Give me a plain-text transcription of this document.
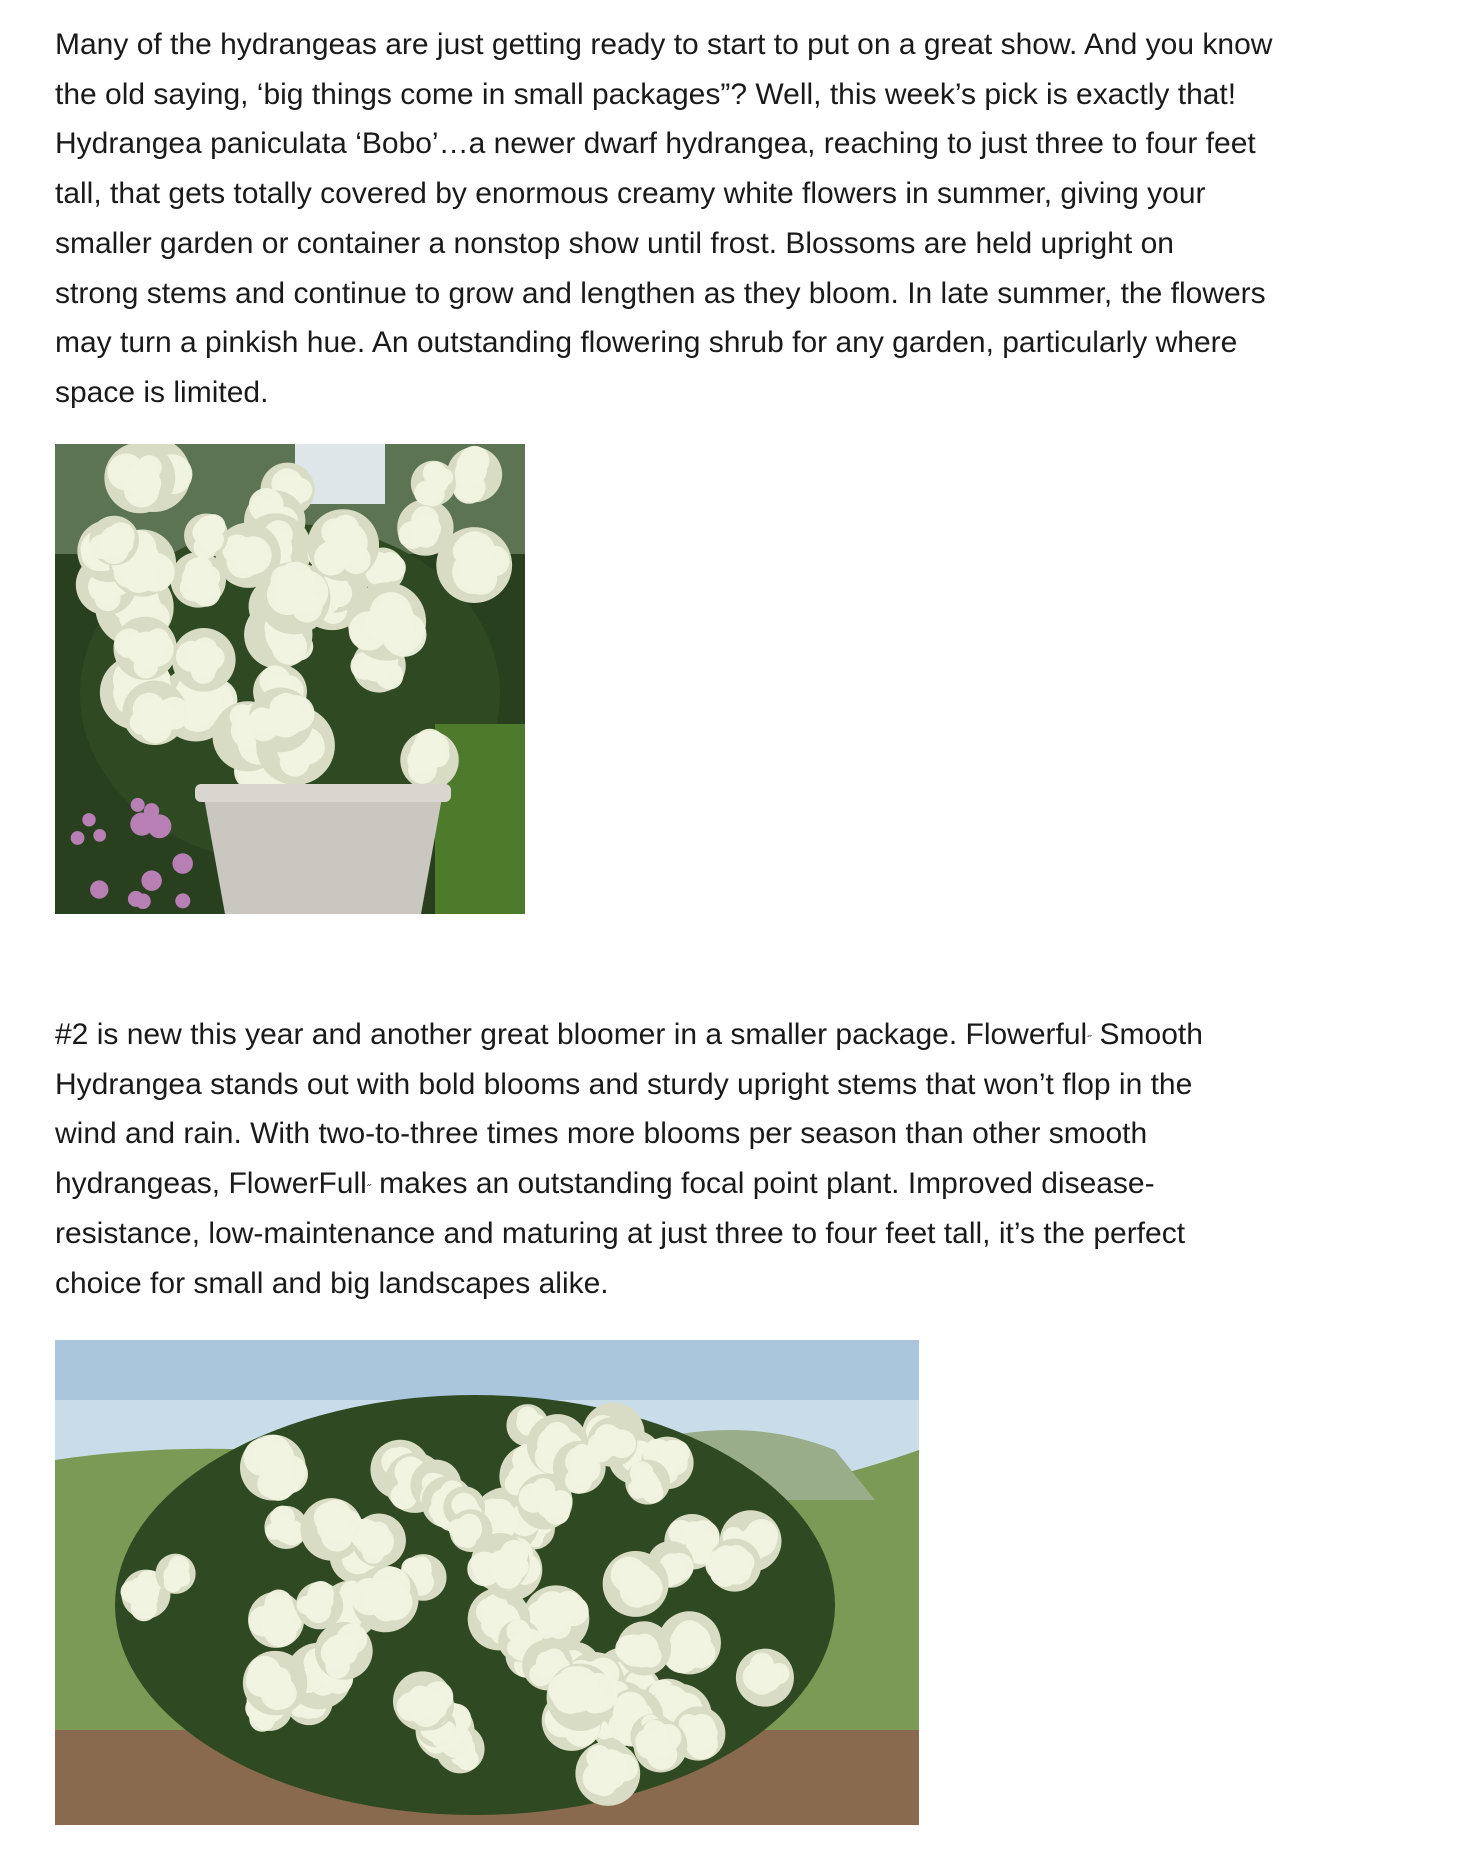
Many of the hydrangeas are just getting ready to start to put on a great show. And you know
the old saying, ‘big things come in small packages”? Well, this week’s pick is exactly that!
Hydrangea paniculata ‘Bobo’…a newer dwarf hydrangea, reaching to just three to four feet
tall, that gets totally covered by enormous creamy white flowers in summer, giving your
smaller garden or container a nonstop show until frost. Blossoms are held upright on
strong stems and continue to grow and lengthen as they bloom. In late summer, the flowers
may turn a pinkish hue. An outstanding flowering shrub for any garden, particularly where
space is limited.
#2 is new this year and another great bloomer in a smaller package. Flowerful˝ Smooth
Hydrangea stands out with bold blooms and sturdy upright stems that won’t flop in the
wind and rain. With two-to-three times more blooms per season than other smooth
hydrangeas, FlowerFull˝ makes an outstanding focal point plant. Improved disease-
resistance, low-maintenance and maturing at just three to four feet tall, it’s the perfect
choice for small and big landscapes alike.
